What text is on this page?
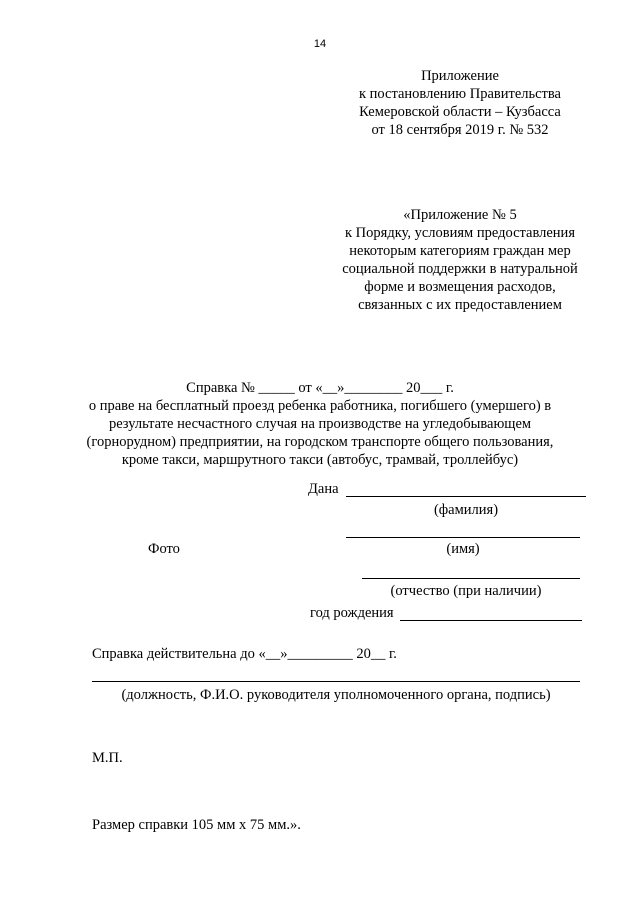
14
Приложение
к постановлению Правительства
Кемеровской области – Кузбасса
от 18 сентября 2019 г. № 532
«Приложение № 5
к Порядку, условиям предоставления
некоторым категориям граждан мер
социальной поддержки в натуральной
форме и возмещения расходов,
связанных с их предоставлением
Справка № _____ от «__»________ 20___ г.
о праве на бесплатный проезд ребенка работника, погибшего (умершего) в
результате несчастного случая на производстве на угледобывающем
(горнорудном) предприятии, на городском транспорте общего пользования,
кроме такси, маршрутного такси (автобус, трамвай, троллейбус)
Дана
(фамилия)
Фото	(имя)
(отчество (при наличии)
год рождения
Справка действительна до «__»_________ 20__ г.
(должность, Ф.И.О. руководителя уполномоченного органа, подпись)
М.П.
Размер справки 105 мм х 75 мм.».
